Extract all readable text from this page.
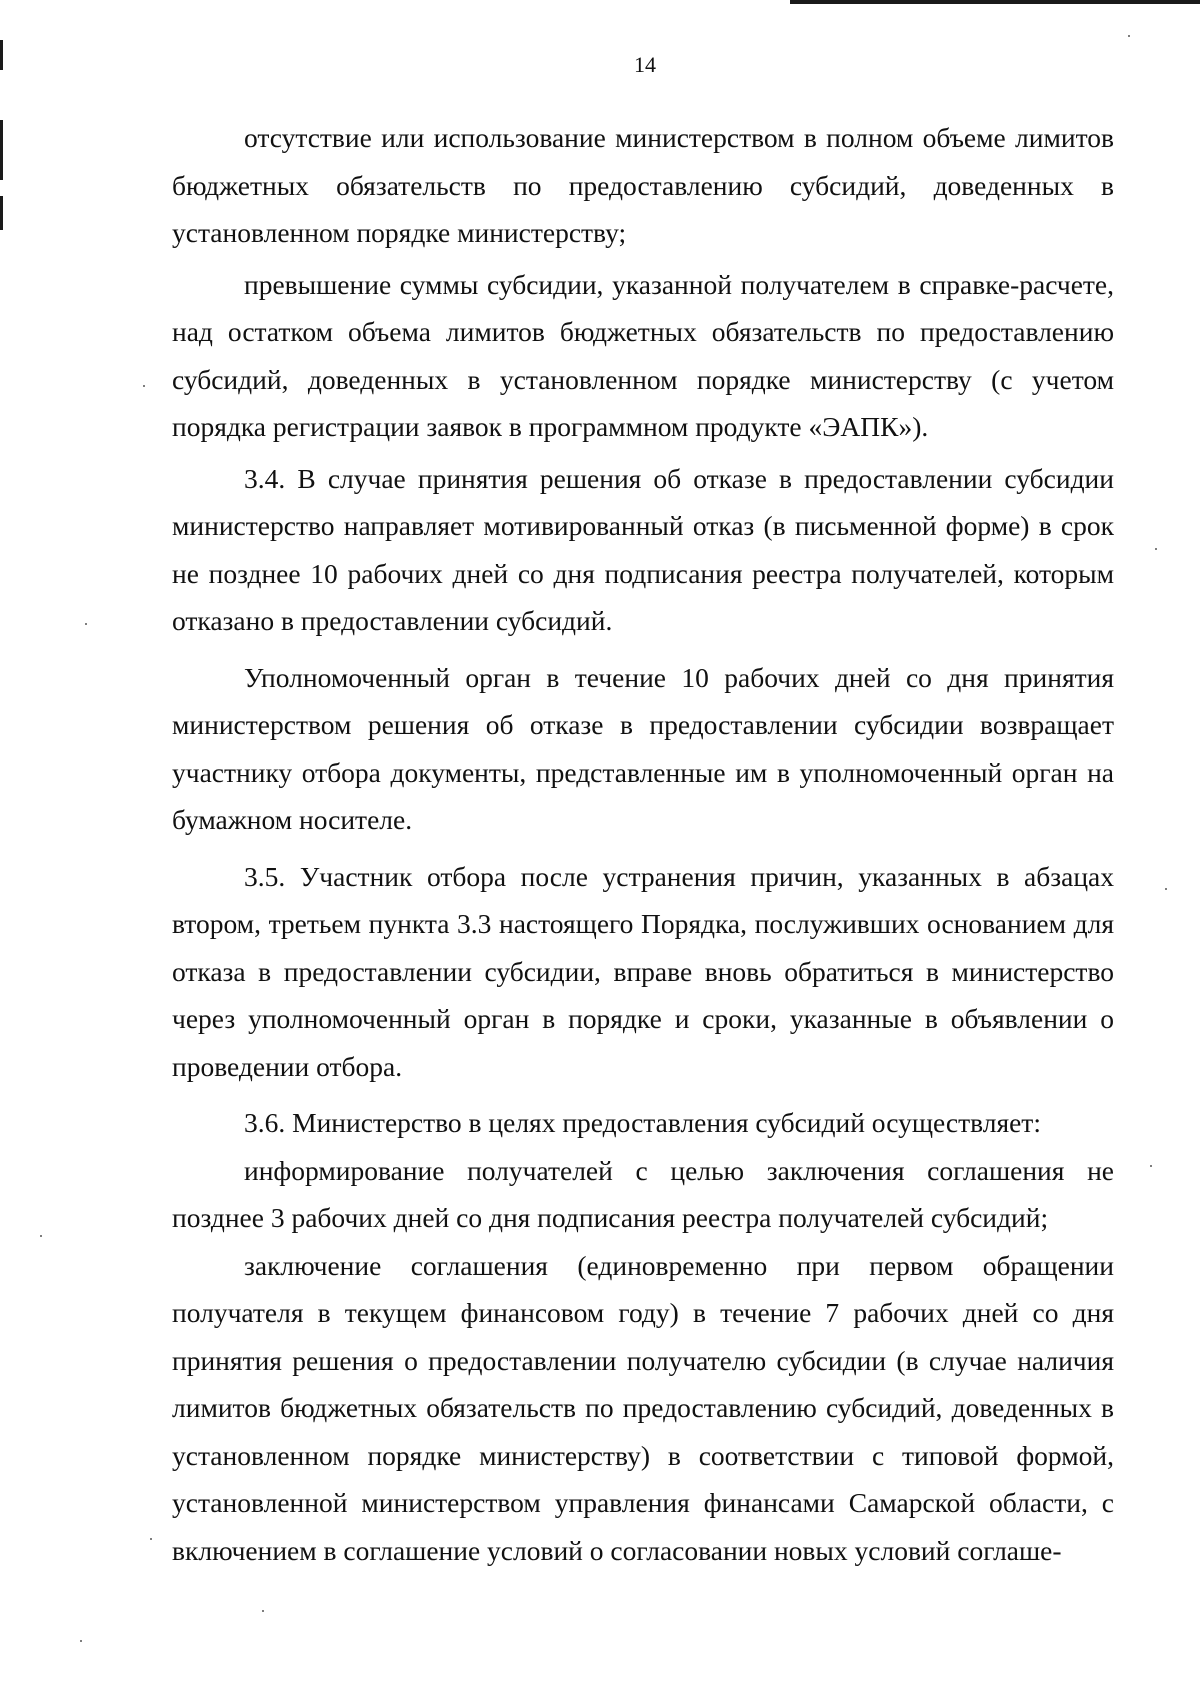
14

отсутствие или использование министерством в полном объеме лимитов бюджетных обязательств по предоставлению субсидий, доведенных в установленном порядке министерству;

превышение суммы субсидии, указанной получателем в справке-расчете, над остатком объема лимитов бюджетных обязательств по предоставлению субсидий, доведенных в установленном порядке министерству (с учетом порядка регистрации заявок в программном продукте «ЭАПК»).

3.4. В случае принятия решения об отказе в предоставлении субсидии министерство направляет мотивированный отказ (в письменной форме) в срок не позднее 10 рабочих дней со дня подписания реестра получателей, которым отказано в предоставлении субсидий.

Уполномоченный орган в течение 10 рабочих дней со дня принятия министерством решения об отказе в предоставлении субсидии возвращает участнику отбора документы, представленные им в уполномоченный орган на бумажном носителе.

3.5. Участник отбора после устранения причин, указанных в абзацах втором, третьем пункта 3.3 настоящего Порядка, послуживших основанием для отказа в предоставлении субсидии, вправе вновь обратиться в министерство через уполномоченный орган в порядке и сроки, указанные в объявлении о проведении отбора.

3.6. Министерство в целях предоставления субсидий осуществляет:

информирование получателей с целью заключения соглашения не позднее 3 рабочих дней со дня подписания реестра получателей субсидий;

заключение соглашения (единовременно при первом обращении получателя в текущем финансовом году) в течение 7 рабочих дней со дня принятия решения о предоставлении получателю субсидии (в случае наличия лимитов бюджетных обязательств по предоставлению субсидий, доведенных в установленном порядке министерству) в соответствии с типовой формой, установленной министерством управления финансами Самарской области, с включением в соглашение условий о согласовании новых условий соглаше-
